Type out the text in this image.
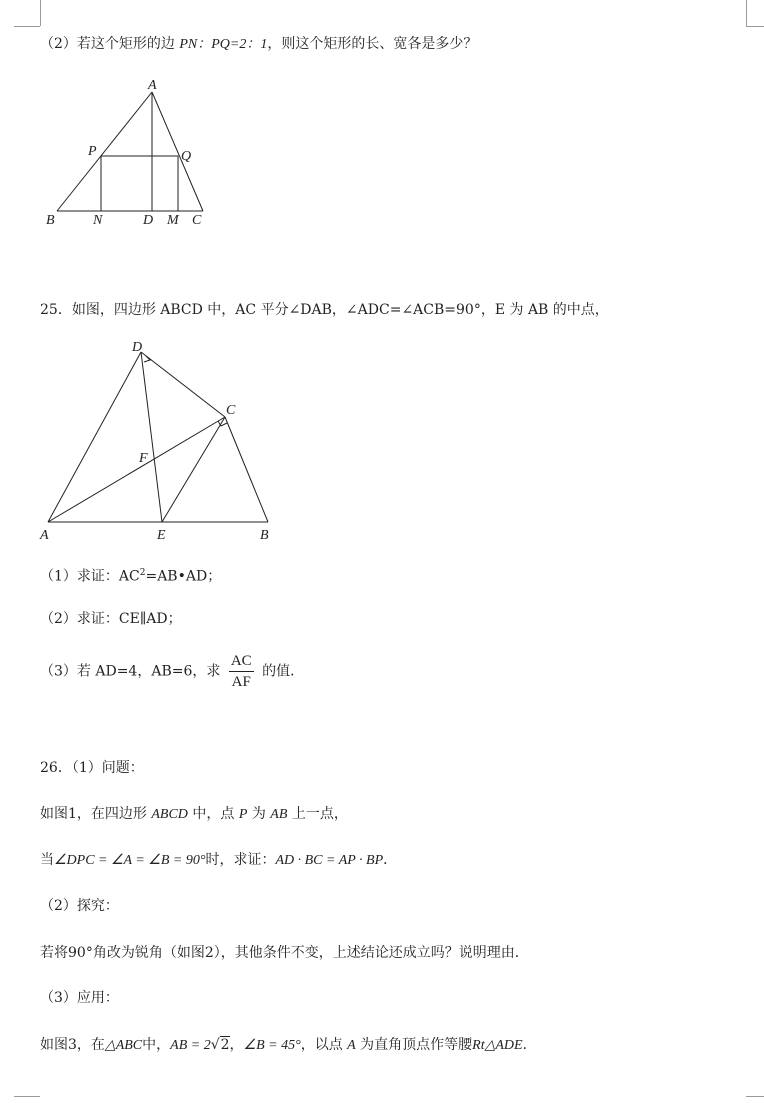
（2）若这个矩形的边 PN：PQ=2：1，则这个矩形的长、宽各是多少？
A
P	Q
B	N	D M C
25．如图，四边形 ABCD 中，AC 平分∠DAB，∠ADC=∠ACB=90°，E 为 AB 的中点，
D
C
F
A	E	B
（1）求证：$AC^2=AB•AD$；
（2）求证：CE∥AD；
（3）若 AD=4，AB=6，求 $\frac{AC}{AF}$ 的值．
26．（1）问题：
如图1，在四边形 ABCD 中，点 P 为 AB 上一点，
当∠DPC = ∠A = ∠B = 90°时，求证：AD · BC = AP · BP．
（2）探究：
若将90°角改为锐角（如图2），其他条件不变，上述结论还成立吗？说明理由．
（3）应用：
如图3，在△ABC中，AB = 2√2，∠B = 45°，以点 A 为直角顶点作等腰Rt△ADE．
